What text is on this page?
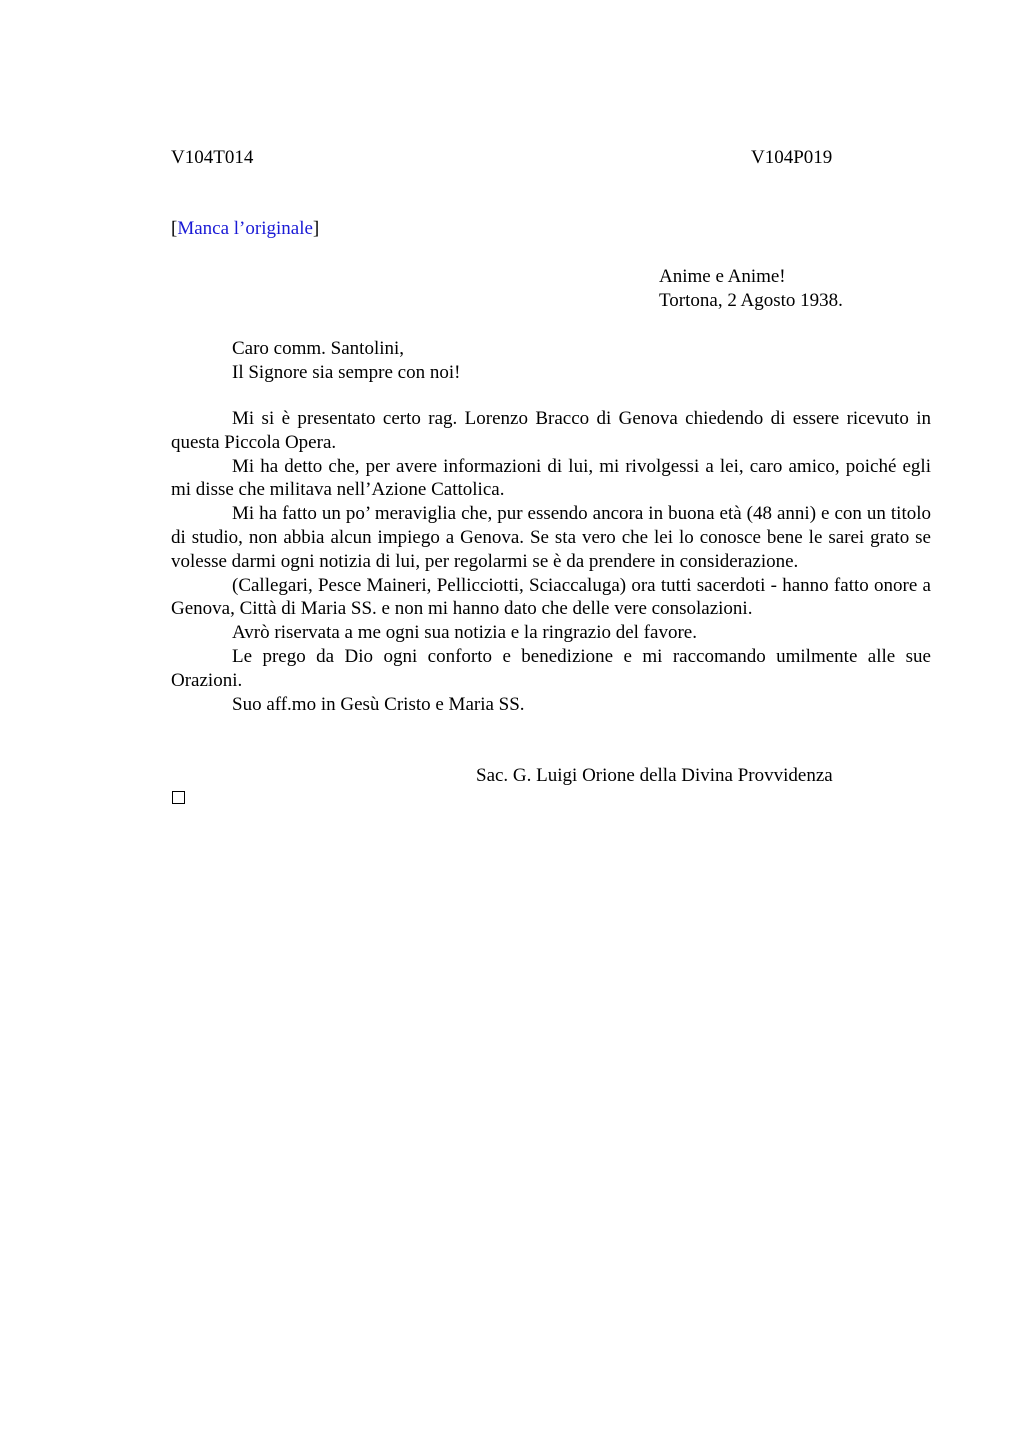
V104T014	V104P019
[Manca l’originale]
Anime e Anime!
Tortona, 2 Agosto 1938.
Caro comm. Santolini,
Il Signore sia sempre con noi!

Mi si è presentato certo rag. Lorenzo Bracco di Genova chiedendo di essere ricevuto in questa Piccola Opera.

Mi ha detto che, per avere informazioni di lui, mi rivolgessi a lei, caro amico, poiché egli mi disse che militava nell’Azione Cattolica.

Mi ha fatto un po’ meraviglia che, pur essendo ancora in buona età (48 anni) e con un titolo di studio, non abbia alcun impiego a Genova. Se sta vero che lei lo conosce bene le sarei grato se volesse darmi ogni notizia di lui, per regolarmi se è da prendere in considerazione.

(Callegari, Pesce Maineri, Pellicciotti, Sciaccaluga) ora tutti sacerdoti - hanno fatto onore a Genova, Città di Maria SS. e non mi hanno dato che delle vere consolazioni.

Avrò riservata a me ogni sua notizia e la ringrazio del favore.

Le prego da Dio ogni conforto e benedizione e mi raccomando umilmente alle sue Orazioni.

Suo aff.mo in Gesù Cristo e Maria SS.

Sac. G. Luigi Orione della Divina Provvidenza
